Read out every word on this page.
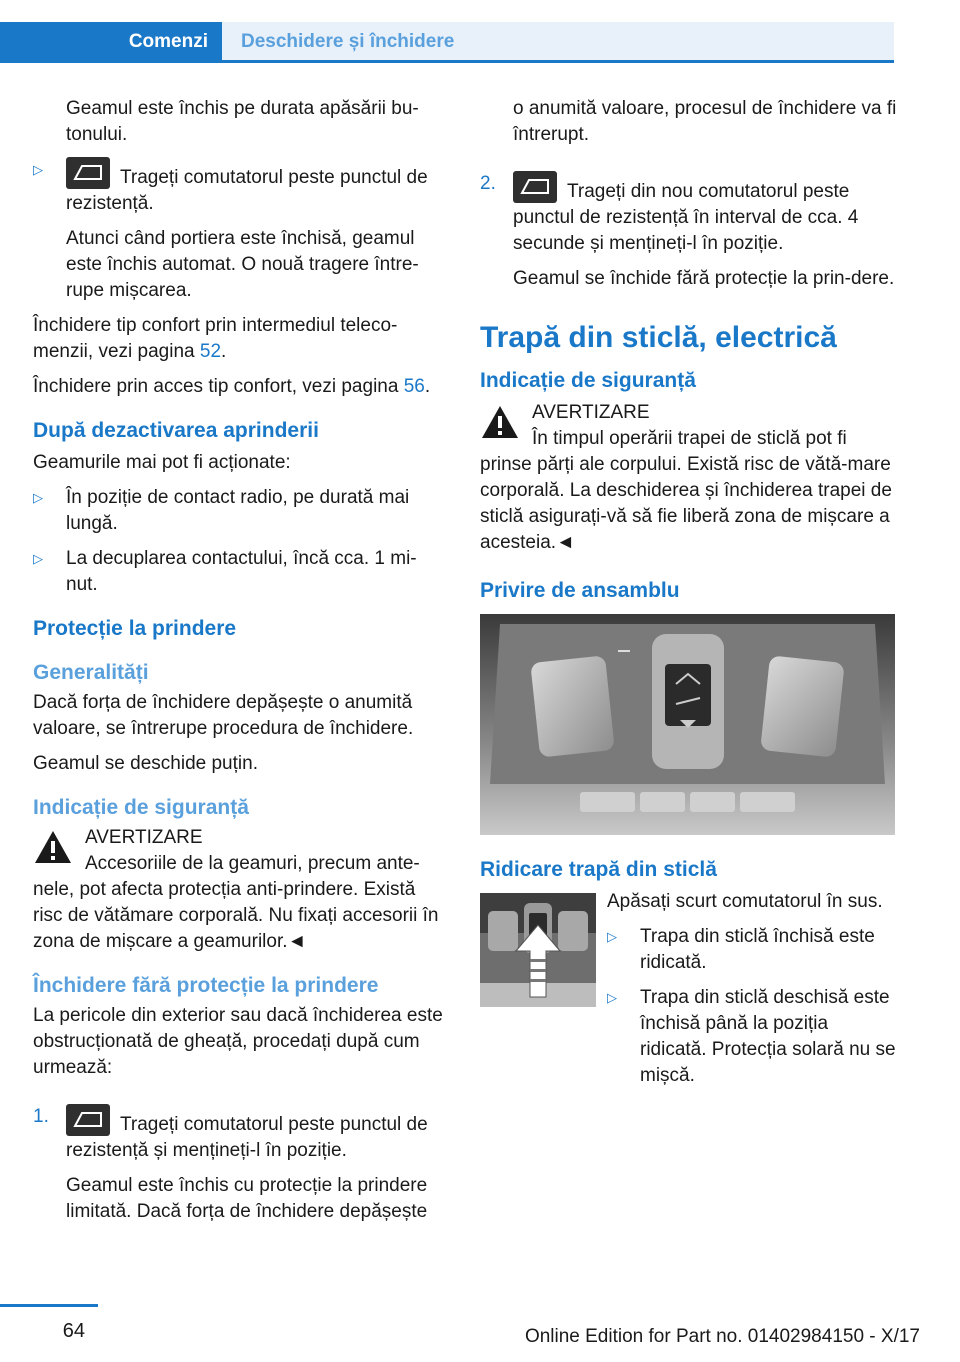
Comenzi	Deschidere și închidere

Geamul este închis pe durata apăsării bu‐tonului.

▷	Trageți comutatorul peste punctul de rezistență.

Atunci când portiera este închisă, geamul este închis automat. O nouă tragere între‐rupe mișcarea.

Închidere tip confort prin intermediul teleco‐menzii, vezi pagina 52.

Închidere prin acces tip confort, vezi pagina 56.

După dezactivarea aprinderii

Geamurile mai pot fi acționate:

▷	În poziție de contact radio, pe durată mai lungă.
▷	La decuplarea contactului, încă cca. 1 mi‐nut.
Protecție la prindere
Generalități

Dacă forța de închidere depășește o anumită valoare, se întrerupe procedura de închidere.

Geamul se deschide puțin.

Indicație de siguranță
AVERTIZARE
Accesoriile de la geamuri, precum ante‐

nele, pot afecta protecția anti-prindere. Există risc de vătămare corporală. Nu fixați accesorii în zona de mișcare a geamurilor.◄

Închidere fără protecție la prindere

La pericole din exterior sau dacă închiderea este obstrucționată de gheață, procedați după cum urmează:

1.	Trageți comutatorul peste punctul de rezistență și mențineți-l în poziție.

Geamul este închis cu protecție la prindere limitată. Dacă forța de închidere depășește

o anumită valoare, procesul de închidere va fi întrerupt.

2.	Trageți din nou comutatorul peste punctul de rezistență în interval de cca. 4 secunde și mențineți-l în poziție.

Geamul se închide fără protecție la prin‐dere.

Trapă din sticlă, electrică
Indicație de siguranță
AVERTIZARE
În timpul operării trapei de sticlă pot fi

prinse părți ale corpului. Există risc de vătă‐mare corporală. La deschiderea și închiderea trapei de sticlă asigurați-vă să fie liberă zona de mișcare a acesteia.◄

Privire de ansamblu
Ridicare trapă din sticlă

Apăsați scurt comutatorul în sus.

▷	Trapa din sticlă închisă este ridicată.
▷	Trapa din sticlă deschisă este închisă până la poziția ridicată. Protecția solară nu se mișcă.
64	Online Edition for Part no. 01402984150 - X/17
